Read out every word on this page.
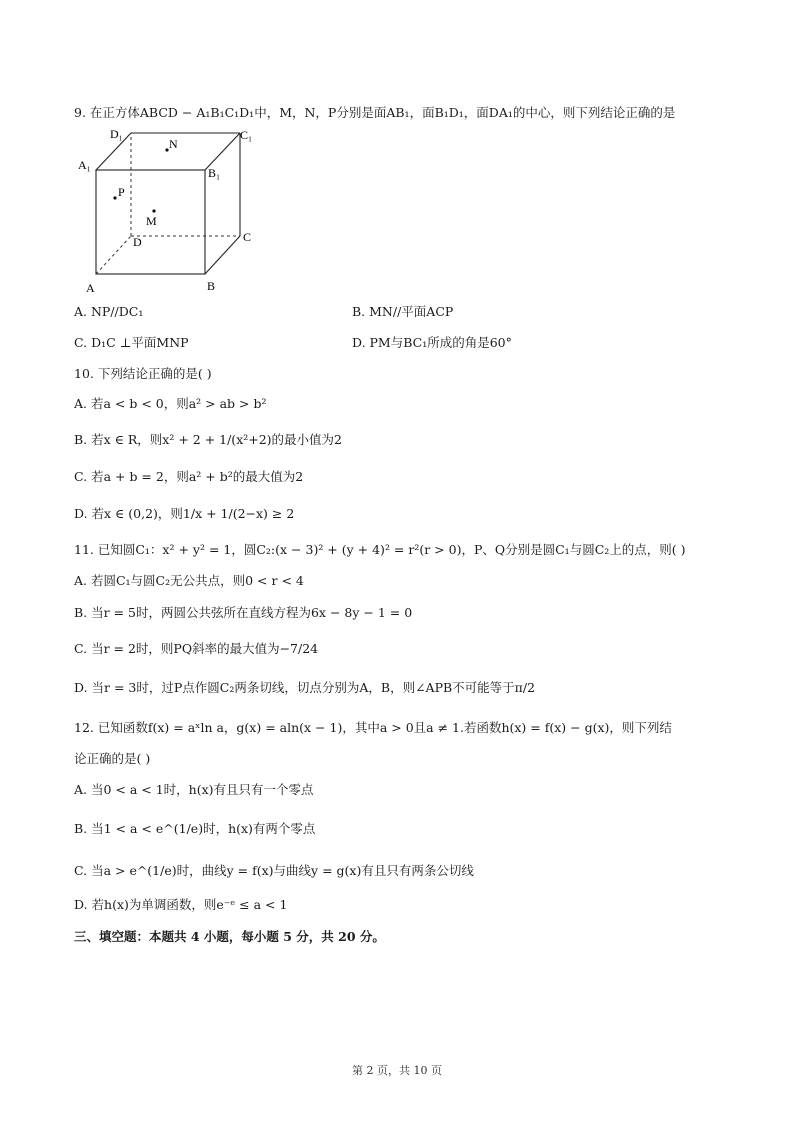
9. 在正方体ABCD − A₁B₁C₁D₁中，M，N，P分别是面AB₁，面B₁D₁，面DA₁的中心，则下列结论正确的是
D₁	C₁
A₁
B₁
N
P
M
D	C
A	B
A. NP//DC₁	B. MN//平面ACP
C. D₁C ⊥平面MNP	D. PM与BC₁所成的角是60°
10. 下列结论正确的是( )
A. 若a < b < 0，则a² > ab > b²
B. 若x ∈ R，则x² + 2 + 1/(x²+2)的最小值为2
C. 若a + b = 2，则a² + b²的最大值为2
D. 若x ∈ (0,2)，则1/x + 1/(2−x) ≥ 2
11. 已知圆C₁：x² + y² = 1，圆C₂:(x − 3)² + (y + 4)² = r²(r > 0)，P、Q分别是圆C₁与圆C₂上的点，则( )
A. 若圆C₁与圆C₂无公共点，则0 < r < 4
B. 当r = 5时，两圆公共弦所在直线方程为6x − 8y − 1 = 0
C. 当r = 2时，则PQ斜率的最大值为−7/24
D. 当r = 3时，过P点作圆C₂两条切线，切点分别为A，B，则∠APB不可能等于π/2
12. 已知函数f(x) = aˣln a，g(x) = aln(x − 1)，其中a > 0且a ≠ 1.若函数h(x) = f(x) − g(x)，则下列结
论正确的是( )
A. 当0 < a < 1时，h(x)有且只有一个零点
B. 当1 < a < e^(1/e)时，h(x)有两个零点
C. 当a > e^(1/e)时，曲线y = f(x)与曲线y = g(x)有且只有两条公切线
D. 若h(x)为单调函数，则e⁻ᵉ ≤ a < 1
三、填空题：本题共 4 小题，每小题 5 分，共 20 分。
第 2 页，共 10 页
